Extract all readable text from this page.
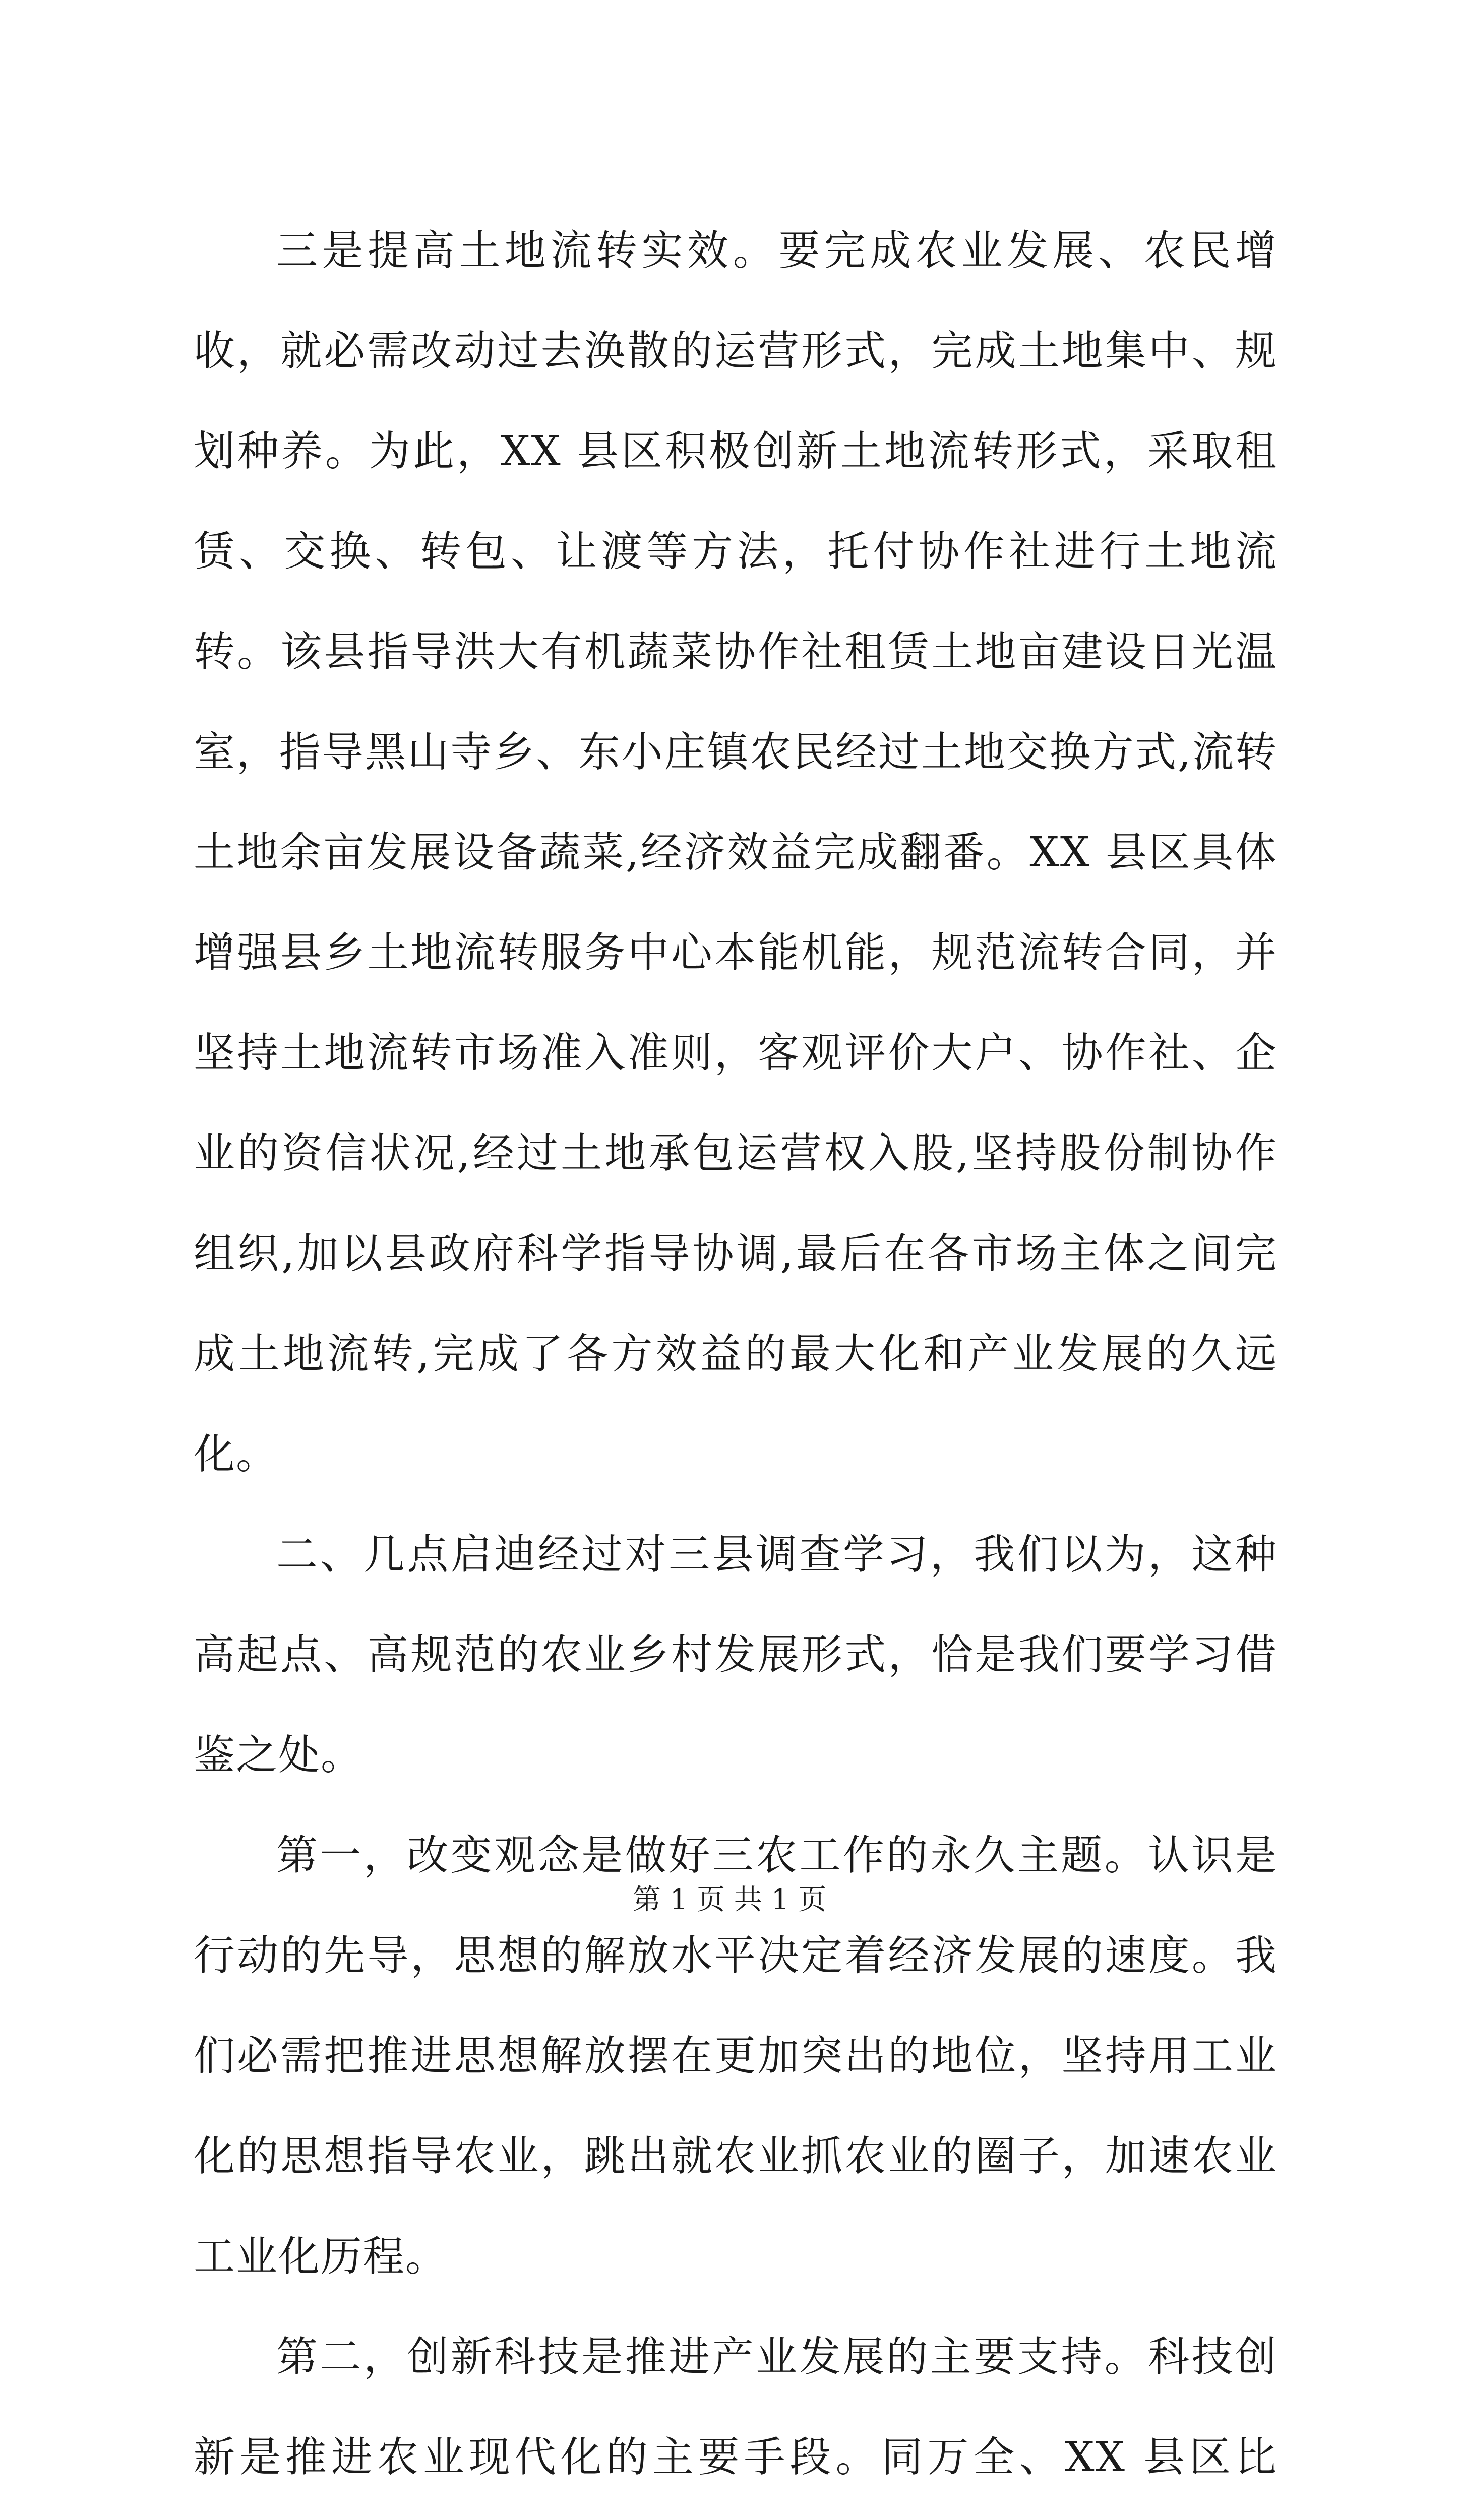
三是提高土地流转实效。要完成农业发展、农民增收，就必需改动过去涣散的运营形式，完成土地集中、规划种养。为此，XX 县区积极创新土地流转形式，采取租赁、交换、转包、让渡等方法，托付协作社进行土地流转。该县指导洪大有机蔬菜协作社租赁土地亩建设日光温室，指导黑山寺乡、东小庄镇农民经过土地交换方式,流转土地余亩发展设备蔬菜,经济效益完成翻番。XX 县区具体增强县乡土地流转服务中心本能机能，规范流转合同，并坚持土地流转市场准入准则，客观评价大户、协作社、企业的资信状况,经过土地承包运营权入股,坚持股份制协作组织,加以县政府科学指导协调,最后在各市场主体之间完成土地流转,完成了各方效益的最大化和产业发展的久远化。

二、几点启迪经过对三县调查学习，我们以为，这种高起点、高规范的农业乡村发展形式，恰是我们要学习借鉴之处。

第一，改变观念是做好三农工作的永久主题。认识是行动的先导，思想的解放水平决定着经济发展的速度。我们必需把推进思想解放摆在更加突出的地位，坚持用工业化的思想指导农业，跳出就农业抓农业的圈子，加速农业工业化历程。

第二，创新科技是推进产业发展的主要支持。科技创新是推进农业现代化的主要手段。同万全、XX 县区比

第 1 页 共 1 页
